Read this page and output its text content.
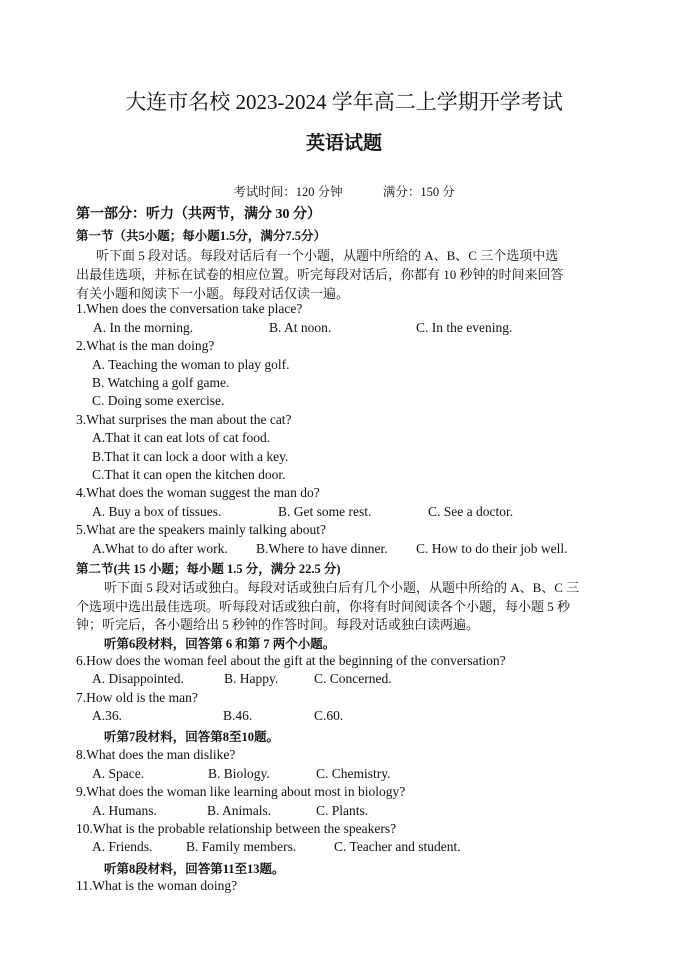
大连市名校 2023-2024 学年高二上学期开学考试
英语试题
考试时间：120 分钟	满分：150 分
第一部分：听力（共两节，满分 30 分）
第一节（共5小题；每小题1.5分，满分7.5分）
听下面 5 段对话。每段对话后有一个小题，从题中所给的 A、B、C 三个选项中选
出最佳选项，并标在试卷的相应位置。听完每段对话后，你都有 10 秒钟的时间来回答
有关小题和阅读下一小题。每段对话仅读一遍。
1.When does the conversation take place?
A. In the morning.	B. At noon.	C. In the evening.
2.What is the man doing?
A. Teaching the woman to play golf.
B. Watching a golf game.
C. Doing some exercise.
3.What surprises the man about the cat?
A.That it can eat lots of cat food.
B.That it can lock a door with a key.
C.That it can open the kitchen door.
4.What does the woman suggest the man do?
A. Buy a box of tissues.	B. Get some rest.	C. See a doctor.
5.What are the speakers mainly talking about?
A.What to do after work. B.Where to have dinner. C. How to do their job well.
第二节(共 15 小题；每小题 1.5 分，满分 22.5 分)
听下面 5 段对话或独白。每段对话或独白后有几个小题，从题中所给的 A、B、C 三
个选项中选出最佳选项。听每段对话或独白前，你将有时间阅读各个小题，每小题 5 秒
钟；听完后，各小题给出 5 秒钟的作答时间。每段对话或独白读两遍。
听第6段材料，回答第 6 和第 7 两个小题。
6.How does the woman feel about the gift at the beginning of the conversation?
A. Disappointed.	B. Happy.	C. Concerned.
7.How old is the man?
A.36.	B.46.	C.60.
听第7段材料，回答第8至10题。
8.What does the man dislike?
A. Space.	B. Biology.	C. Chemistry.
9.What does the woman like learning about most in biology?
A. Humans.	B. Animals.	C. Plants.
10.What is the probable relationship between the speakers?
A. Friends. B. Family members.	C. Teacher and student.
听第8段材料，回答第11至13题。
11.What is the woman doing?
